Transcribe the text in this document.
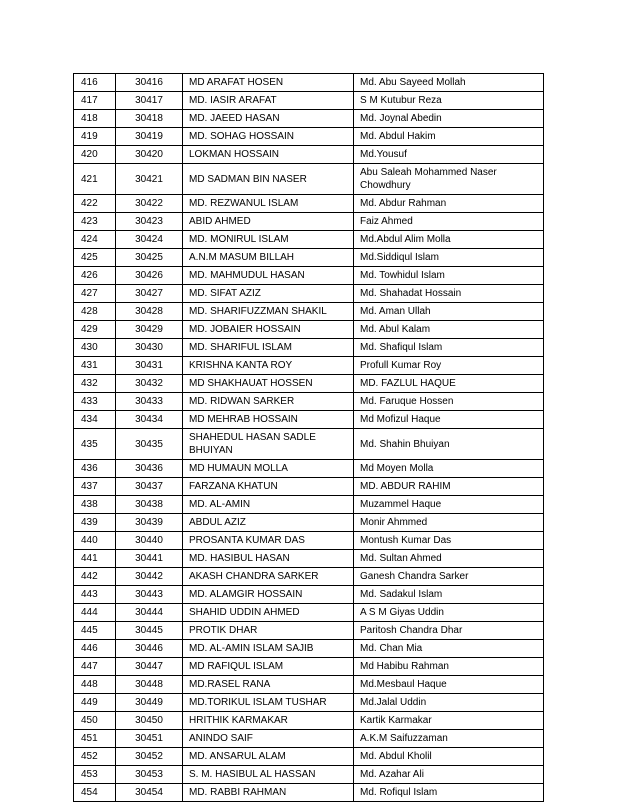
416	30416	MD ARAFAT HOSEN	Md. Abu Sayeed Mollah
417	30417	MD. IASIR ARAFAT	S M Kutubur Reza
418	30418	MD. JAEED HASAN	Md. Joynal Abedin
419	30419	MD. SOHAG HOSSAIN	Md. Abdul Hakim
420	30420	LOKMAN HOSSAIN	Md.Yousuf
421	30421	MD SADMAN BIN NASER	Abu Saleah Mohammed Naser Chowdhury
422	30422	MD. REZWANUL ISLAM	Md. Abdur Rahman
423	30423	ABID AHMED	Faiz Ahmed
424	30424	MD. MONIRUL ISLAM	Md.Abdul Alim Molla
425	30425	A.N.M MASUM BILLAH	Md.Siddiqul Islam
426	30426	MD. MAHMUDUL HASAN	Md. Towhidul Islam
427	30427	MD. SIFAT AZIZ	Md. Shahadat Hossain
428	30428	MD. SHARIFUZZMAN SHAKIL	Md. Aman Ullah
429	30429	MD. JOBAIER HOSSAIN	Md. Abul Kalam
430	30430	MD. SHARIFUL ISLAM	Md. Shafiqul Islam
431	30431	KRISHNA KANTA ROY	Profull Kumar Roy
432	30432	MD SHAKHAUAT HOSSEN	MD. FAZLUL HAQUE
433	30433	MD. RIDWAN SARKER	Md. Faruque Hossen
434	30434	MD MEHRAB HOSSAIN	Md Mofizul Haque
435	30435	SHAHEDUL HASAN SADLE BHUIYAN	Md. Shahin Bhuiyan
436	30436	MD HUMAUN MOLLA	Md Moyen Molla
437	30437	FARZANA KHATUN	MD. ABDUR RAHIM
438	30438	MD. AL-AMIN	Muzammel Haque
439	30439	ABDUL AZIZ	Monir Ahmmed
440	30440	PROSANTA KUMAR DAS	Montush Kumar Das
441	30441	MD. HASIBUL HASAN	Md. Sultan Ahmed
442	30442	AKASH CHANDRA SARKER	Ganesh Chandra Sarker
443	30443	MD. ALAMGIR HOSSAIN	Md. Sadakul Islam
444	30444	SHAHID UDDIN AHMED	A S M Giyas Uddin
445	30445	PROTIK DHAR	Paritosh Chandra Dhar
446	30446	MD. AL-AMIN ISLAM SAJIB	Md. Chan Mia
447	30447	MD RAFIQUL ISLAM	Md Habibu Rahman
448	30448	MD.RASEL RANA	Md.Mesbaul Haque
449	30449	MD.TORIKUL ISLAM TUSHAR	Md.Jalal Uddin
450	30450	HRITHIK KARMAKAR	Kartik Karmakar
451	30451	ANINDO SAIF	A.K.M Saifuzzaman
452	30452	MD. ANSARUL ALAM	Md. Abdul Kholil
453	30453	S. M. HASIBUL AL HASSAN	Md. Azahar Ali
454	30454	MD. RABBI RAHMAN	Md. Rofiqul Islam
